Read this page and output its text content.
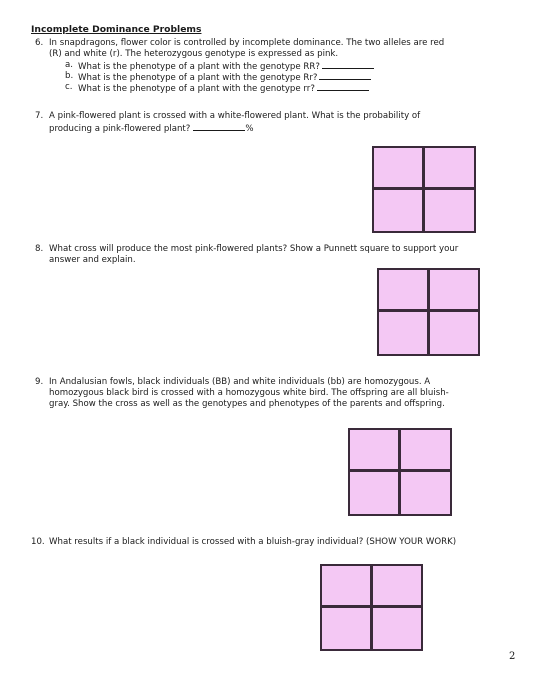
Incomplete Dominance Problems
6. In snapdragons, flower color is controlled by incomplete dominance. The two alleles are red
(R) and white (r). The heterozygous genotype is expressed as pink.
a. What is the phenotype of a plant with the genotype RR?
b. What is the phenotype of a plant with the genotype Rr?
c. What is the phenotype of a plant with the genotype rr?
7. A pink-flowered plant is crossed with a white-flowered plant. What is the probability of
producing a pink-flowered plant?	%
8. What cross will produce the most pink-flowered plants? Show a Punnett square to support your
answer and explain.
9. In Andalusian fowls, black individuals (BB) and white individuals (bb) are homozygous. A
homozygous black bird is crossed with a homozygous white bird. The offspring are all bluish-
gray. Show the cross as well as the genotypes and phenotypes of the parents and offspring.
10. What results if a black individual is crossed with a bluish-gray individual? (SHOW YOUR WORK)
2
